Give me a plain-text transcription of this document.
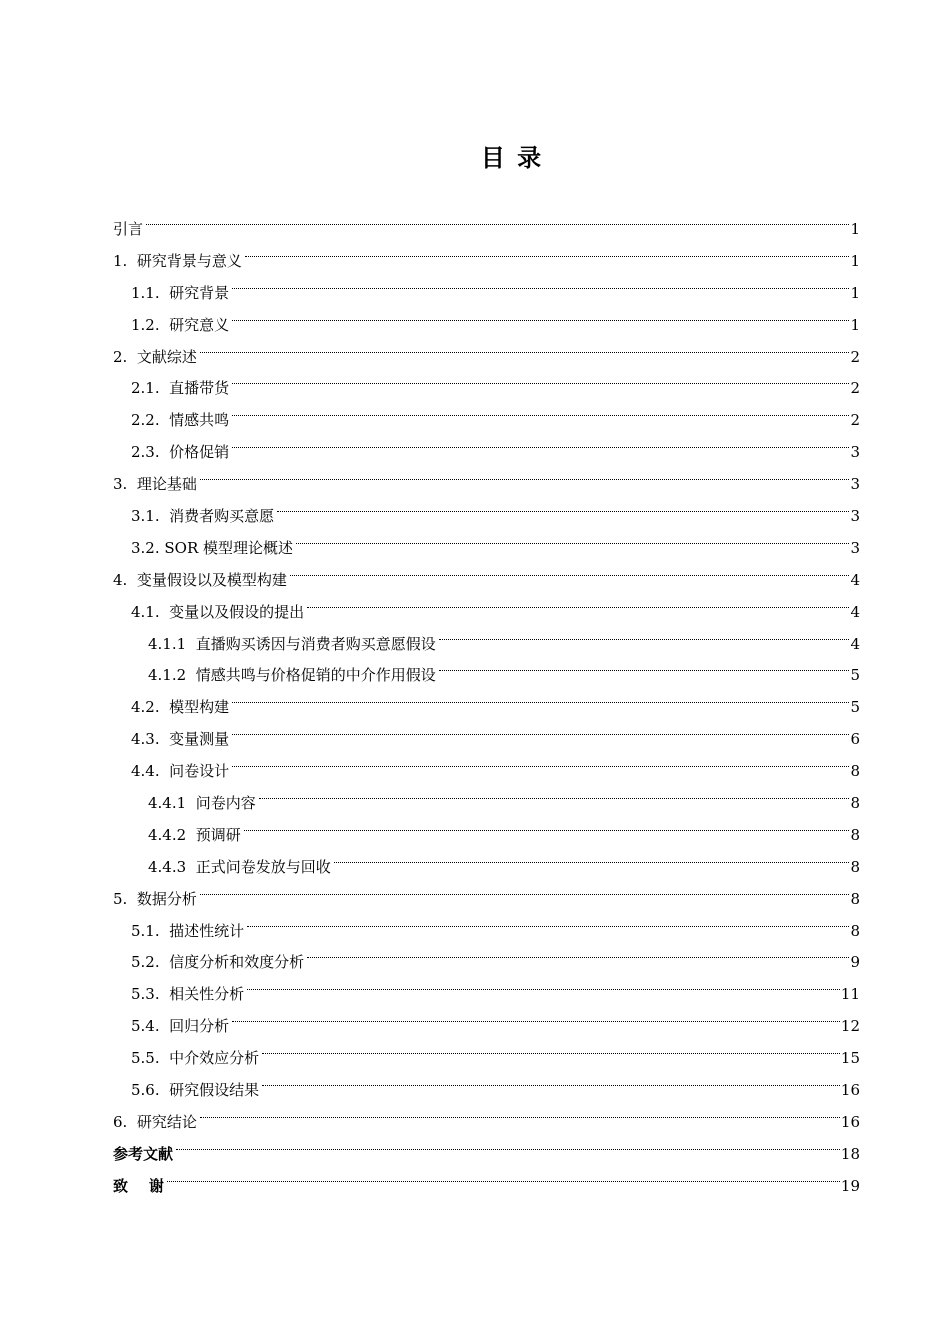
目 录
引言	1
1.  研究背景与意义	1
1.1.  研究背景	1
1.2.  研究意义	1
2.  文献综述	2
2.1.  直播带货	2
2.2.  情感共鸣	2
2.3.  价格促销	3
3.  理论基础	3
3.1.  消费者购买意愿	3
3.2. SOR 模型理论概述	3
4.  变量假设以及模型构建	4
4.1.  变量以及假设的提出	4
4.1.1  直播购买诱因与消费者购买意愿假设	4
4.1.2  情感共鸣与价格促销的中介作用假设	5
4.2.  模型构建	5
4.3.  变量测量	6
4.4.  问卷设计	8
4.4.1  问卷内容	8
4.4.2  预调研	8
4.4.3  正式问卷发放与回收	8
5.  数据分析	8
5.1.  描述性统计	8
5.2.  信度分析和效度分析	9
5.3.  相关性分析	11
5.4.  回归分析	12
5.5.  中介效应分析	15
5.6.  研究假设结果	16
6.  研究结论	16
参考文献	18
致    谢	19
